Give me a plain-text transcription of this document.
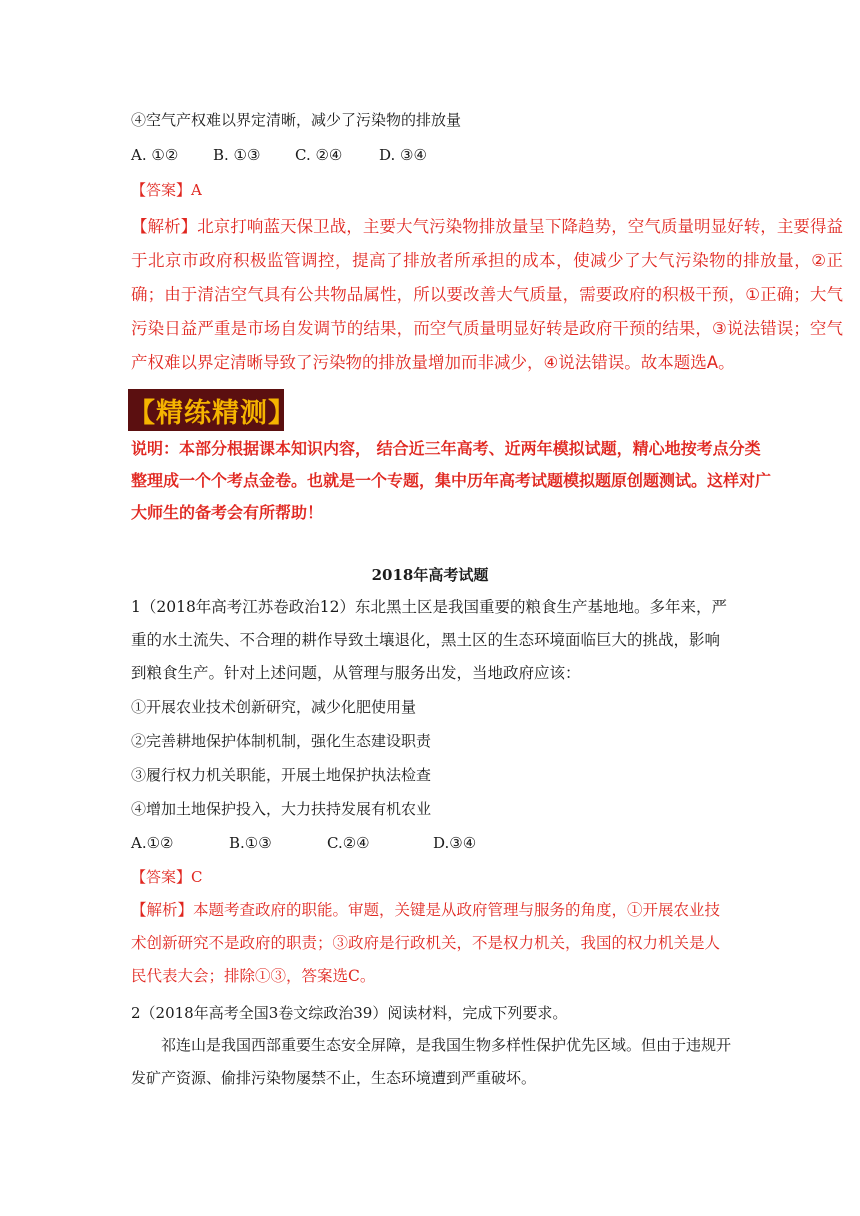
④空气产权难以界定清晰，减少了污染物的排放量
A. ①② B. ①③ C. ②④ D. ③④
【答案】A
【解析】北京打响蓝天保卫战，主要大气污染物排放量呈下降趋势，空气质量明显好转，主要得益于北京市政府积极监管调控，提高了排放者所承担的成本，使减少了大气污染物的排放量，②正确；由于清洁空气具有公共物品属性，所以要改善大气质量，需要政府的积极干预，①正确；大气污染日益严重是市场自发调节的结果，而空气质量明显好转是政府干预的结果，③说法错误；空气产权难以界定清晰导致了污染物的排放量增加而非减少，④说法错误。故本题选A。
【精练精测】
说明：本部分根据课本知识内容， 结合近三年高考、近两年模拟试题，精心地按考点分类整理成一个个考点金卷。也就是一个专题，集中历年高考试题模拟题原创题测试。这样对广大师生的备考会有所帮助！
2018年高考试题
1（2018年高考江苏卷政治12）东北黑土区是我国重要的粮食生产基地地。多年来，严重的水土流失、不合理的耕作导致土壤退化，黑土区的生态环境面临巨大的挑战，影响到粮食生产。针对上述问题，从管理与服务出发，当地政府应该：
①开展农业技术创新研究，减少化肥使用量
②完善耕地保护体制机制，强化生态建设职责
③履行权力机关职能，开展土地保护执法检查
④增加土地保护投入，大力扶持发展有机农业
A.①②	B.①③	C.②④	D.③④
【答案】C
【解析】本题考查政府的职能。审题，关键是从政府管理与服务的角度，①开展农业技术创新研究不是政府的职责；③政府是行政机关，不是权力机关，我国的权力机关是人民代表大会；排除①③，答案选C。
2（2018年高考全国3卷文综政治39）阅读材料，完成下列要求。
祁连山是我国西部重要生态安全屏障，是我国生物多样性保护优先区域。但由于违规开发矿产资源、偷排污染物屡禁不止，生态环境遭到严重破坏。
